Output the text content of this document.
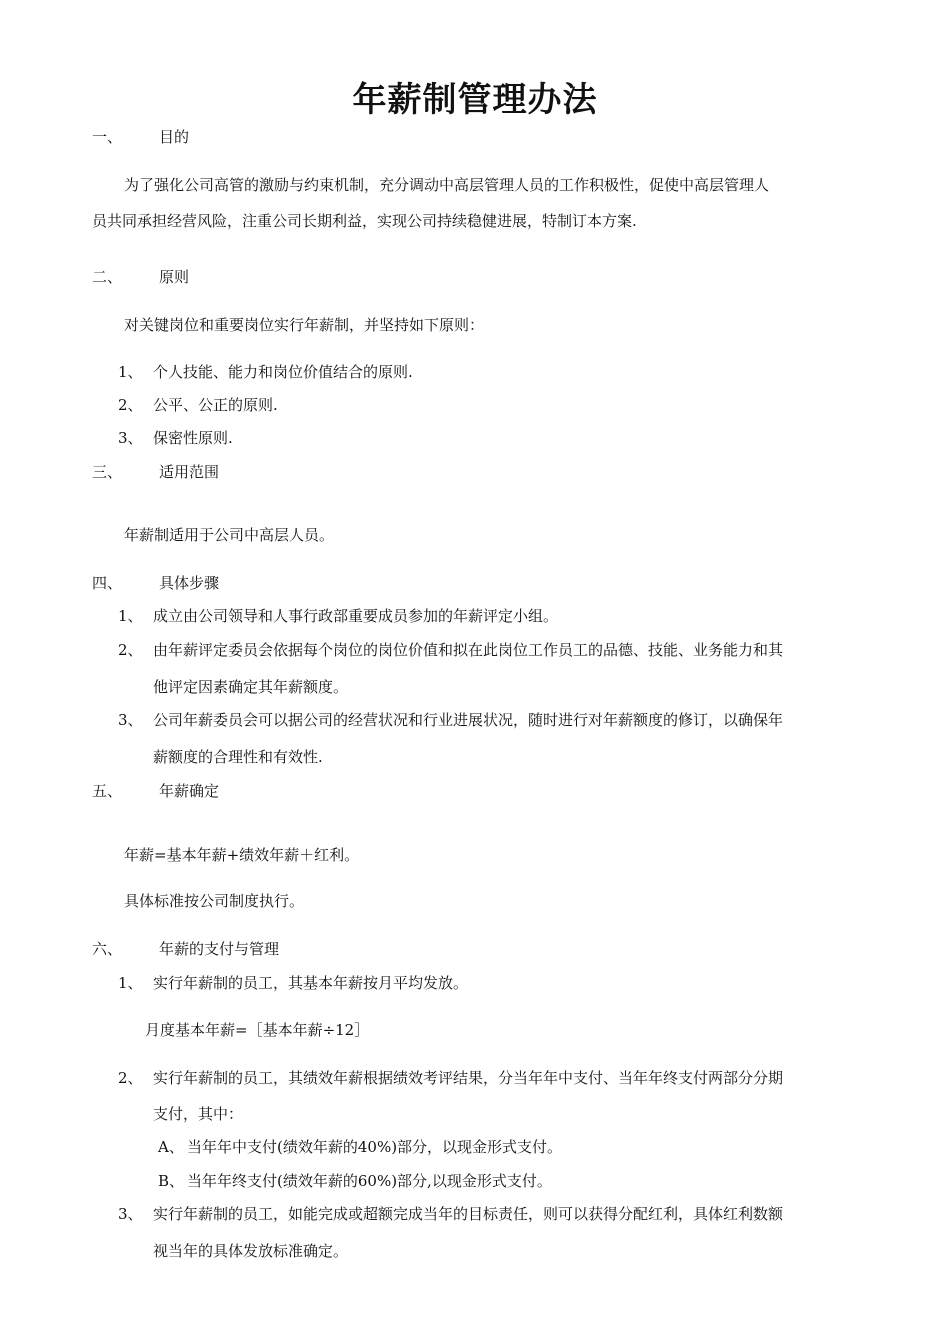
年薪制管理办法
一、 目的
为了强化公司高管的激励与约束机制，充分调动中高层管理人员的工作积极性，促使中高层管理人
员共同承担经营风险，注重公司长期利益，实现公司持续稳健进展，特制订本方案.
二、 原则
对关键岗位和重要岗位实行年薪制，并坚持如下原则：
1、 个人技能、能力和岗位价值结合的原则.
2、 公平、公正的原则.
3、 保密性原则.
三、 适用范围
年薪制适用于公司中高层人员。
四、 具体步骤
1、 成立由公司领导和人事行政部重要成员参加的年薪评定小组。
2、 由年薪评定委员会依据每个岗位的岗位价值和拟在此岗位工作员工的品德、技能、业务能力和其
他评定因素确定其年薪额度。
3、 公司年薪委员会可以据公司的经营状况和行业进展状况，随时进行对年薪额度的修订，以确保年
薪额度的合理性和有效性.
五、 年薪确定
年薪=基本年薪+绩效年薪＋红利。
具体标准按公司制度执行。
六、 年薪的支付与管理
1、 实行年薪制的员工，其基本年薪按月平均发放。
月度基本年薪=［基本年薪÷12］
2、 实行年薪制的员工，其绩效年薪根据绩效考评结果，分当年年中支付、当年年终支付两部分分期
支付，其中：
A、 当年年中支付(绩效年薪的40%)部分，以现金形式支付。
B、 当年年终支付(绩效年薪的60%)部分,以现金形式支付。
3、 实行年薪制的员工，如能完成或超额完成当年的目标责任，则可以获得分配红利，具体红利数额
视当年的具体发放标准确定。
